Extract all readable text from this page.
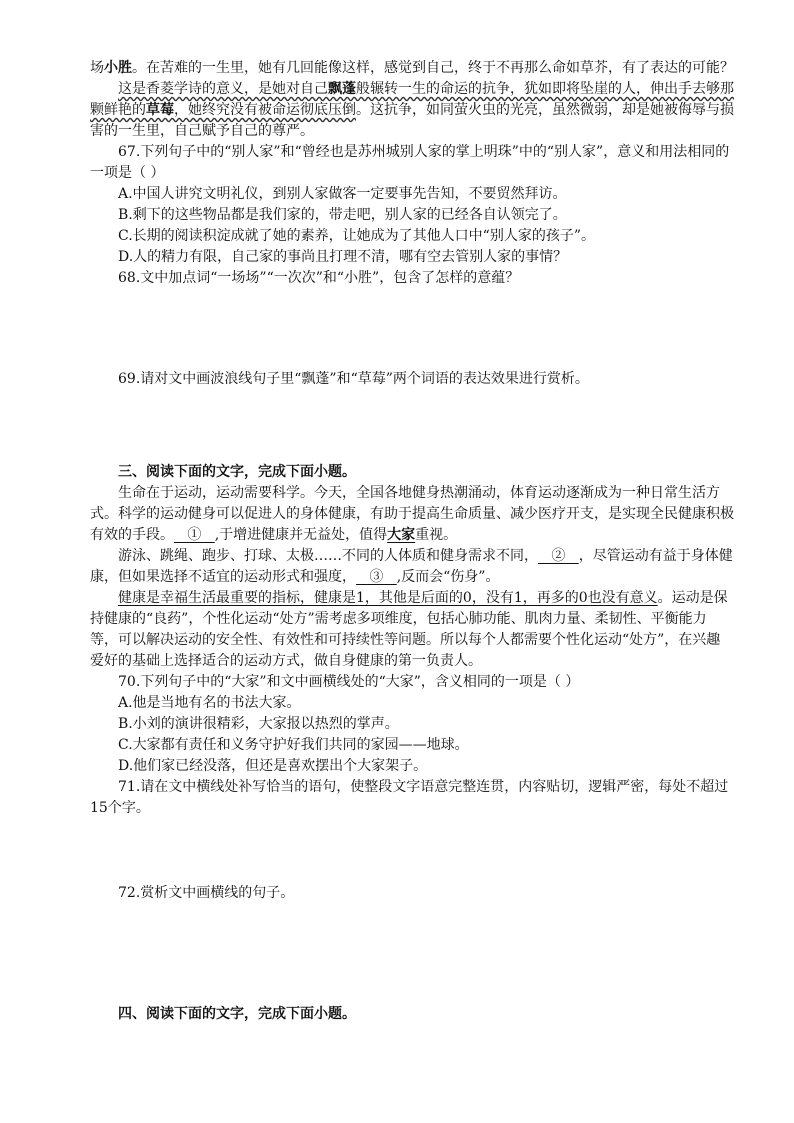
场小胜。在苦难的一生里，她有几回能像这样，感觉到自己，终于不再那么命如草芥，有了表达的可能？

这是香菱学诗的意义，是她对自己飘蓬般辗转一生的命运的抗争，犹如即将坠崖的人，伸出手去够那颗鲜艳的草莓，她终究没有被命运彻底压倒。这抗争，如同萤火虫的光亮，虽然微弱，却是她被侮辱与损害的一生里，自己赋予自己的尊严。

67.下列句子中的“别人家”和“曾经也是苏州城别人家的掌上明珠”中的“别人家”，意义和用法相同的一项是（ ）

A.中国人讲究文明礼仪，到别人家做客一定要事先告知，不要贸然拜访。

B.剩下的这些物品都是我们家的，带走吧，别人家的已经各自认领完了。

C.长期的阅读积淀成就了她的素养，让她成为了其他人口中“别人家的孩子”。

D.人的精力有限，自己家的事尚且打理不清，哪有空去管别人家的事情？

68.文中加点词“一场场”“一次次”和“小胜”，包含了怎样的意蕴？

69.请对文中画波浪线句子里“飘蓬”和“草莓”两个词语的表达效果进行赏析。

三、阅读下面的文字，完成下面小题。

生命在于运动，运动需要科学。今天，全国各地健身热潮涌动，体育运动逐渐成为一种日常生活方式。科学的运动健身可以促进人的身体健康，有助于提高生命质量、减少医疗开支，是实现全民健康积极有效的手段。   ①   ,于增进健康并无益处，值得大家重视。

游泳、跳绳、跑步、打球、太极……不同的人体质和健身需求不同，   ②   ，尽管运动有益于身体健康，但如果选择不适宜的运动形式和强度，   ③   ,反而会“伤身”。

健康是幸福生活最重要的指标，健康是1，其他是后面的0，没有1，再多的0也没有意义。运动是保持健康的“良药”，个性化运动“处方”需考虑多项维度，包括心肺功能、肌肉力量、柔韧性、平衡能力等，可以解决运动的安全性、有效性和可持续性等问题。所以每个人都需要个性化运动“处方”，在兴趣爱好的基础上选择适合的运动方式，做自身健康的第一负责人。

70.下列句子中的“大家”和文中画横线处的“大家”，含义相同的一项是（ ）

A.他是当地有名的书法大家。

B.小刘的演讲很精彩，大家报以热烈的掌声。

C.大家都有责任和义务守护好我们共同的家园——地球。

D.他们家已经没落，但还是喜欢摆出个大家架子。

71.请在文中横线处补写恰当的语句，使整段文字语意完整连贯，内容贴切，逻辑严密，每处不超过15个字。

72.赏析文中画横线的句子。

四、阅读下面的文字，完成下面小题。
